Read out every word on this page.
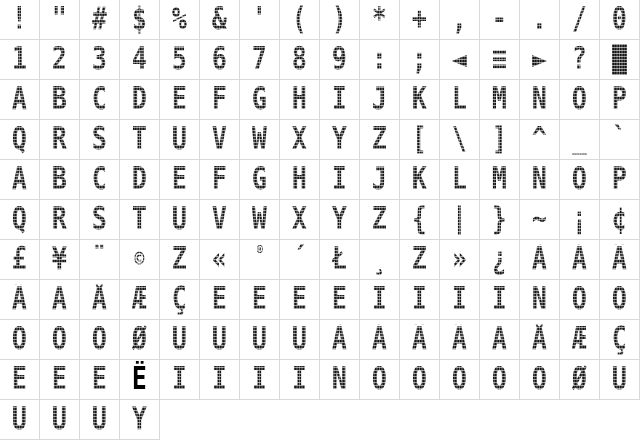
! " # $ % & ' ( ) * + , - . / 0
1 2 3 4 5 6 7 8 9 : ; ◄ ≡ ► ? █
A B C D E F G H I J K L M N O P
Q R S T U V W X Y Z [ \ ] ^ _ `
A B C D E F G H I J K L M N O P
Q R S T U V W X Y Z { | } ~ ¡ ¢
£ ¥ ¨ © Ž « ® ´ Ł ¸ Ž » ¿ À Á Â
Ã Ä Å Æ Ç È É Ê Ë Ì Í Î Ï Ñ Ò Ó
Ô Õ Ö Ø Ù Ú Û Ü À Á Â Ã Ä Å Æ Ç
È É Ê Ë Ì Í Î Ï Ñ Ò Ó Ô Õ Ö Ø Ù
Ú Û Ü Ÿ
